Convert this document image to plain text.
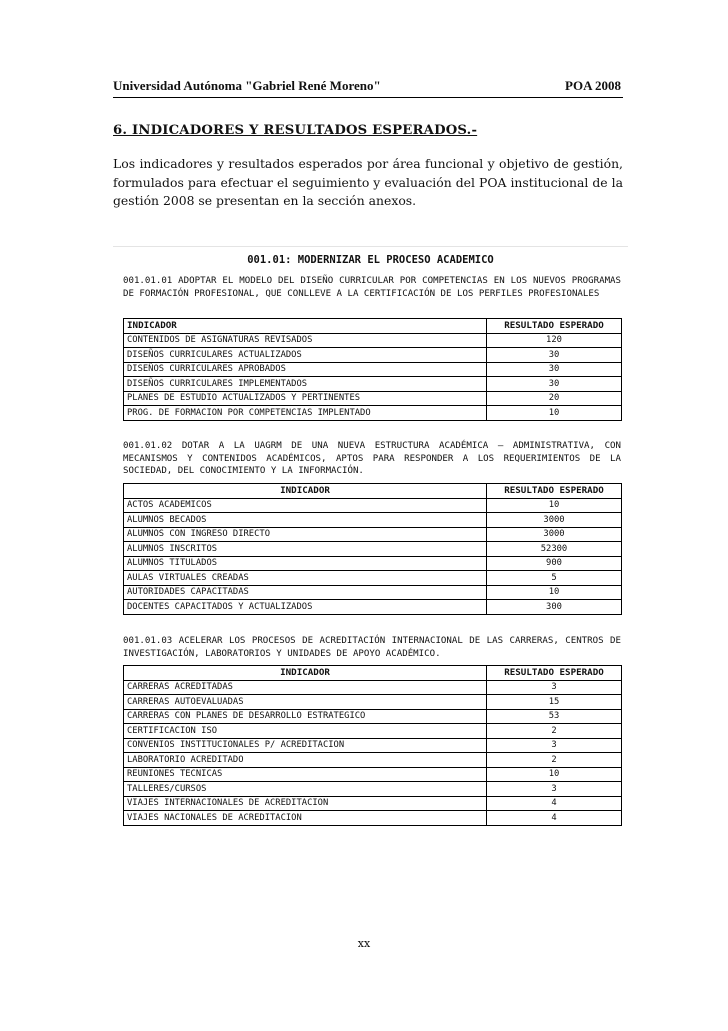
Universidad Autónoma "Gabriel René Moreno"	POA 2008
6. INDICADORES Y RESULTADOS ESPERADOS.-
Los indicadores y resultados esperados por área funcional y objetivo de gestión, formulados para efectuar el seguimiento y evaluación del POA institucional de la gestión 2008 se presentan en la sección anexos.
001.01: MODERNIZAR EL PROCESO ACADEMICO
001.01.01 ADOPTAR EL MODELO DEL DISEÑO CURRICULAR POR COMPETENCIAS EN LOS NUEVOS PROGRAMAS DE FORMACIÓN PROFESIONAL, QUE CONLLEVE A LA CERTIFICACIÓN DE LOS PERFILES PROFESIONALES
INDICADOR	RESULTADO ESPERADO
CONTENIDOS DE ASIGNATURAS REVISADOS	120
DISEÑOS CURRICULARES ACTUALIZADOS	30
DISEÑOS CURRICULARES APROBADOS	30
DISEÑOS CURRICULARES IMPLEMENTADOS	30
PLANES DE ESTUDIO ACTUALIZADOS Y PERTINENTES	20
PROG. DE FORMACION POR COMPETENCIAS IMPLENTADO	10
001.01.02 DOTAR A LA UAGRM DE UNA NUEVA ESTRUCTURA ACADÉMICA – ADMINISTRATIVA, CON MECANISMOS Y CONTENIDOS ACADÉMICOS, APTOS PARA RESPONDER A LOS REQUERIMIENTOS DE LA SOCIEDAD, DEL CONOCIMIENTO Y LA INFORMACIÓN.
INDICADOR	RESULTADO ESPERADO
ACTOS ACADEMICOS	10
ALUMNOS BECADOS	3000
ALUMNOS CON INGRESO DIRECTO	3000
ALUMNOS INSCRITOS	52300
ALUMNOS TITULADOS	900
AULAS VIRTUALES CREADAS	5
AUTORIDADES CAPACITADAS	10
DOCENTES CAPACITADOS Y ACTUALIZADOS	300
001.01.03 ACELERAR LOS PROCESOS DE ACREDITACIÓN INTERNACIONAL DE LAS CARRERAS, CENTROS DE INVESTIGACIÓN, LABORATORIOS Y UNIDADES DE APOYO ACADÉMICO.
INDICADOR	RESULTADO ESPERADO
CARRERAS ACREDITADAS	3
CARRERAS AUTOEVALUADAS	15
CARRERAS CON PLANES DE DESARROLLO ESTRATEGICO	53
CERTIFICACION ISO	2
CONVENIOS INSTITUCIONALES P/ ACREDITACION	3
LABORATORIO ACREDITADO	2
REUNIONES TECNICAS	10
TALLERES/CURSOS	3
VIAJES INTERNACIONALES DE ACREDITACION	4
VIAJES NACIONALES DE ACREDITACION	4
xx
